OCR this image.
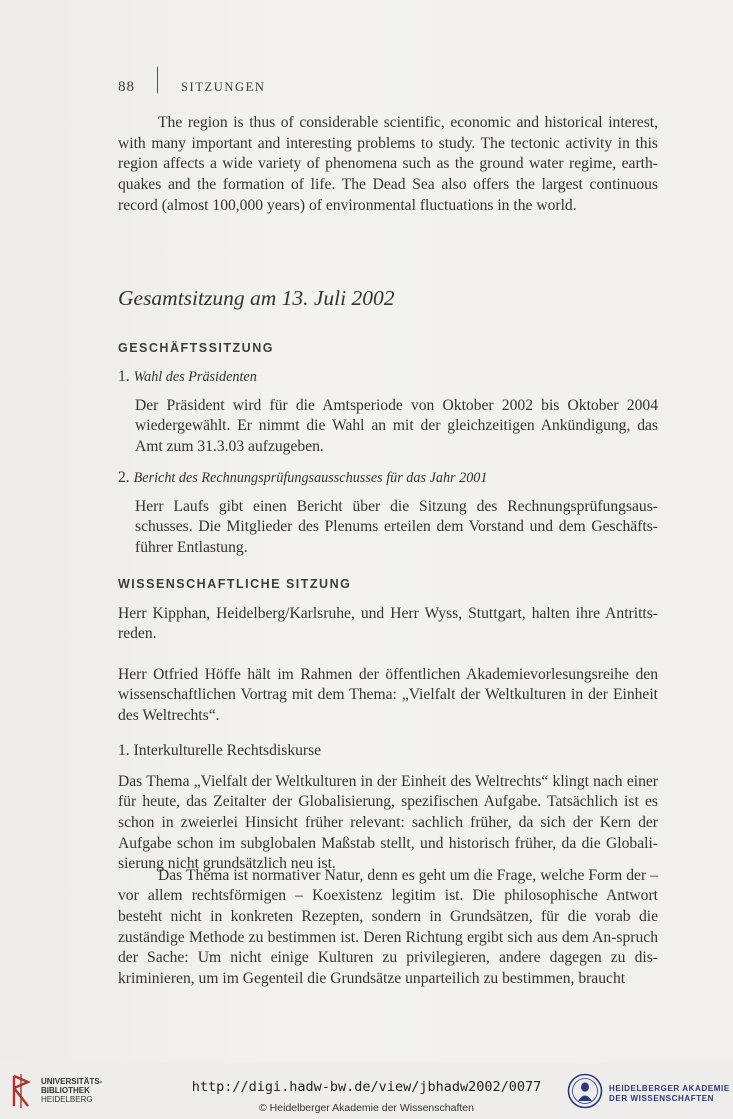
88	SITZUNGEN

The region is thus of considerable scientific, economic and historical interest, with many important and interesting problems to study. The tectonic activity in this region affects a wide variety of phenomena such as the ground water regime, earth-quakes and the formation of life. The Dead Sea also offers the largest continuous record (almost 100,000 years) of environmental fluctuations in the world.

Gesamtsitzung am 13. Juli 2002
GESCHÄFTSSITZUNG
1. Wahl des Präsidenten

Der Präsident wird für die Amtsperiode von Oktober 2002 bis Oktober 2004 wiedergewählt. Er nimmt die Wahl an mit der gleichzeitigen Ankündigung, das Amt zum 31.3.03 aufzugeben.

2. Bericht des Rechnungsprüfungsausschusses für das Jahr 2001

Herr Laufs gibt einen Bericht über die Sitzung des Rechnungsprüfungsaus-schusses. Die Mitglieder des Plenums erteilen dem Vorstand und dem Geschäfts-führer Entlastung.

WISSENSCHAFTLICHE SITZUNG

Herr Kipphan, Heidelberg/Karlsruhe, und Herr Wyss, Stuttgart, halten ihre Antritts-reden.

Herr Otfried Höffe hält im Rahmen der öffentlichen Akademievorlesungsreihe den wissenschaftlichen Vortrag mit dem Thema: „Vielfalt der Weltkulturen in der Einheit des Weltrechts“.

1. Interkulturelle Rechtsdiskurse

Das Thema „Vielfalt der Weltkulturen in der Einheit des Weltrechts“ klingt nach einer für heute, das Zeitalter der Globalisierung, spezifischen Aufgabe. Tatsächlich ist es schon in zweierlei Hinsicht früher relevant: sachlich früher, da sich der Kern der Aufgabe schon im subglobalen Maßstab stellt, und historisch früher, da die Globali-sierung nicht grundsätzlich neu ist.

Das Thema ist normativer Natur, denn es geht um die Frage, welche Form der – vor allem rechtsförmigen – Koexistenz legitim ist. Die philosophische Antwort besteht nicht in konkreten Rezepten, sondern in Grundsätzen, für die vorab die zuständige Methode zu bestimmen ist. Deren Richtung ergibt sich aus dem An-spruch der Sache: Um nicht einige Kulturen zu privilegieren, andere dagegen zu dis-kriminieren, um im Gegenteil die Grundsätze unparteilich zu bestimmen, braucht

UNIVERSITÄTS-
BIBLIOTHEK
HEIDELBERG
http://digi.hadw-bw.de/view/jbhadw2002/0077
© Heidelberger Akademie der Wissenschaften
HEIDELBERGER AKADEMIE
DER WISSENSCHAFTEN
